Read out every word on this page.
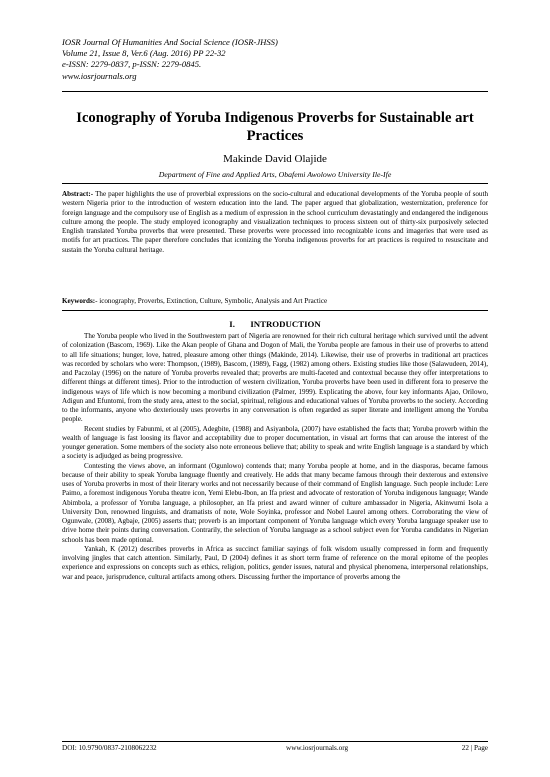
IOSR Journal Of Humanities And Social Science (IOSR-JHSS)
Volume 21, Issue 8, Ver.6 (Aug. 2016) PP 22-32
e-ISSN: 2279-0837, p-ISSN: 2279-0845.
www.iosrjournals.org
Iconography of Yoruba Indigenous Proverbs for Sustainable art Practices
Makinde David Olajide
Department of Fine and Applied Arts, Obafemi Awolowo University Ile-Ife
Abstract:- The paper highlights the use of proverbial expressions on the socio-cultural and educational developments of the Yoruba people of south western Nigeria prior to the introduction of western education into the land. The paper argued that globalization, westernization, preference for foreign language and the compulsory use of English as a medium of expression in the school curriculum devastatingly and endangered the indigenous culture among the people. The study employed iconography and visualization techniques to process sixteen out of thirty-six purposively selected English translated Yoruba proverbs that were presented. These proverbs were processed into recognizable icons and imageries that were used as motifs for art practices. The paper therefore concludes that iconizing the Yoruba indigenous proverbs for art practices is required to resuscitate and sustain the Yoruba cultural heritage.
Keywords:- iconography, Proverbs, Extinction, Culture, Symbolic, Analysis and Art Practice
I. INTRODUCTION

The Yoruba people who lived in the Southwestern part of Nigeria are renowned for their rich cultural heritage which survived until the advent of colonization (Bascom, 1969). Like the Akan people of Ghana and Dogon of Mali, the Yoruba people are famous in their use of proverbs to attend to all life situations; hunger, love, hatred, pleasure among other things (Makinde, 2014). Likewise, their use of proverbs in traditional art practices was recorded by scholars who were: Thompson, (1989), Bascom, (1989), Fagg, (1982) among others. Existing studies like those (Salawudeen, 2014), and Paczolay (1996) on the nature of Yoruba proverbs revealed that; proverbs are multi-faceted and contextual because they offer interpretations to different things at different times). Prior to the introduction of western civilization, Yoruba proverbs have been used in different fora to preserve the indigenous ways of life which is now becoming a moribund civilization (Palmer, 1999). Explicating the above, four key informants Ajao, Orilowo, Adigun and Efuntomi, from the study area, attest to the social, spiritual, religious and educational values of Yoruba proverbs to the society. According to the informants, anyone who dexteriously uses proverbs in any conversation is often regarded as super literate and intelligent among the Yoruba people.

Recent studies by Fabunmi, et al (2005), Adegbite, (1988) and Asiyanbola, (2007) have established the facts that; Yoruba proverb within the wealth of language is fast loosing its flavor and acceptability due to proper documentation, in visual art forms that can arouse the interest of the younger generation. Some members of the society also note erroneous believe that; ability to speak and write English language is a standard by which a society is adjudged as being progressive.

Contesting the views above, an informant (Ogunlowo) contends that; many Yoruba people at home, and in the diasporas, became famous because of their ability to speak Yoruba language fluently and creatively. He adds that many became famous through their dexterous and extensive uses of Yoruba proverbs in most of their literary works and not necessarily because of their command of English language. Such people include: Lere Paimo, a foremost indigenous Yoruba theatre icon, Yemi Elebu-Ibon, an Ifa priest and advocate of restoration of Yoruba indigenous language; Wande Abimbola, a professor of Yoruba language, a philosopher, an Ifa priest and award winner of culture ambassador in Nigeria, Akinwumi Isola a University Don, renowned linguists, and dramatists of note, Wole Soyinka, professor and Nobel Laurel among others. Corroborating the view of Ogunwale, (2008), Agbaje, (2005) asserts that; proverb is an important component of Yoruba language which every Yoruba language speaker use to drive home their points during conversation. Contrarily, the selection of Yoruba language as a school subject even for Yoruba candidates in Nigerian schools has been made optional.

Yankah, K (2012) describes proverbs in Africa as succinct familiar sayings of folk wisdom usually compressed in form and frequently involving jingles that catch attention. Similarly, Paul, D (2004) defines it as short term frame of reference on the moral epitome of the peoples experience and expressions on concepts such as ethics, religion, politics, gender issues, natural and physical phenomena, interpersonal relationships, war and peace, jurisprudence, cultural artifacts among others. Discussing further the importance of proverbs among the

DOI: 10.9790/0837-2108062232	www.iosrjournals.org	22 | Page
